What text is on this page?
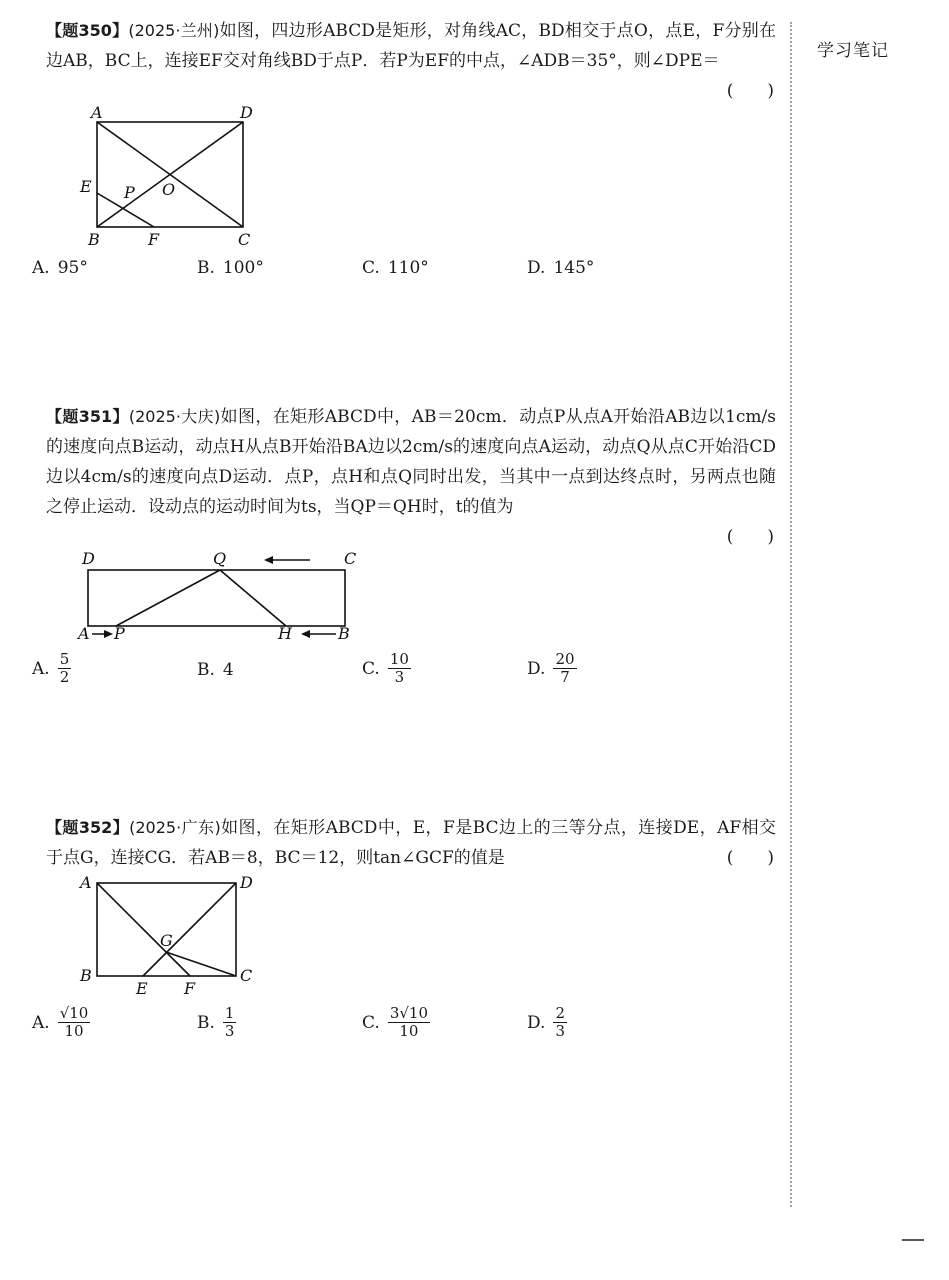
学习笔记

【题350】(2025·兰州)如图，四边形ABCD是矩形，对角线AC，BD相交于点O，点E，F分别在边AB，BC上，连接EF交对角线BD于点P．若P为EF的中点，∠ADB＝35°，则∠DPE＝

(　　)
A	D
E P O
B	F	C
A. 95°	B. 100°	C. 110°	D. 145°

【题351】(2025·大庆)如图，在矩形ABCD中，AB＝20cm．动点P从点A开始沿AB边以1cm/s的速度向点B运动，动点H从点B开始沿BA边以2cm/s的速度向点A运动，动点Q从点C开始沿CD边以4cm/s的速度向点D运动．点P，点H和点Q同时出发，当其中一点到达终点时，另两点也随之停止运动．设动点的运动时间为ts，当QP＝QH时，t的值为

(　　)
D	Q	C
A P	H	B
A. $\frac{5}{2}$	B. 4	C. $\frac{10}{3}$	D. $\frac{20}{7}$

【题352】(2025·广东)如图，在矩形ABCD中，E，F是BC边上的三等分点，连接DE，AF相交于点G，连接CG．若AB＝8，BC＝12，则tan∠GCF的值是	(　　)
A	D
G
B	C
E F
A. $\frac{√10}{10}$	B. $\frac{1}{3}$	C. $\frac{3√10}{10}$	D. $\frac{2}{3}$
